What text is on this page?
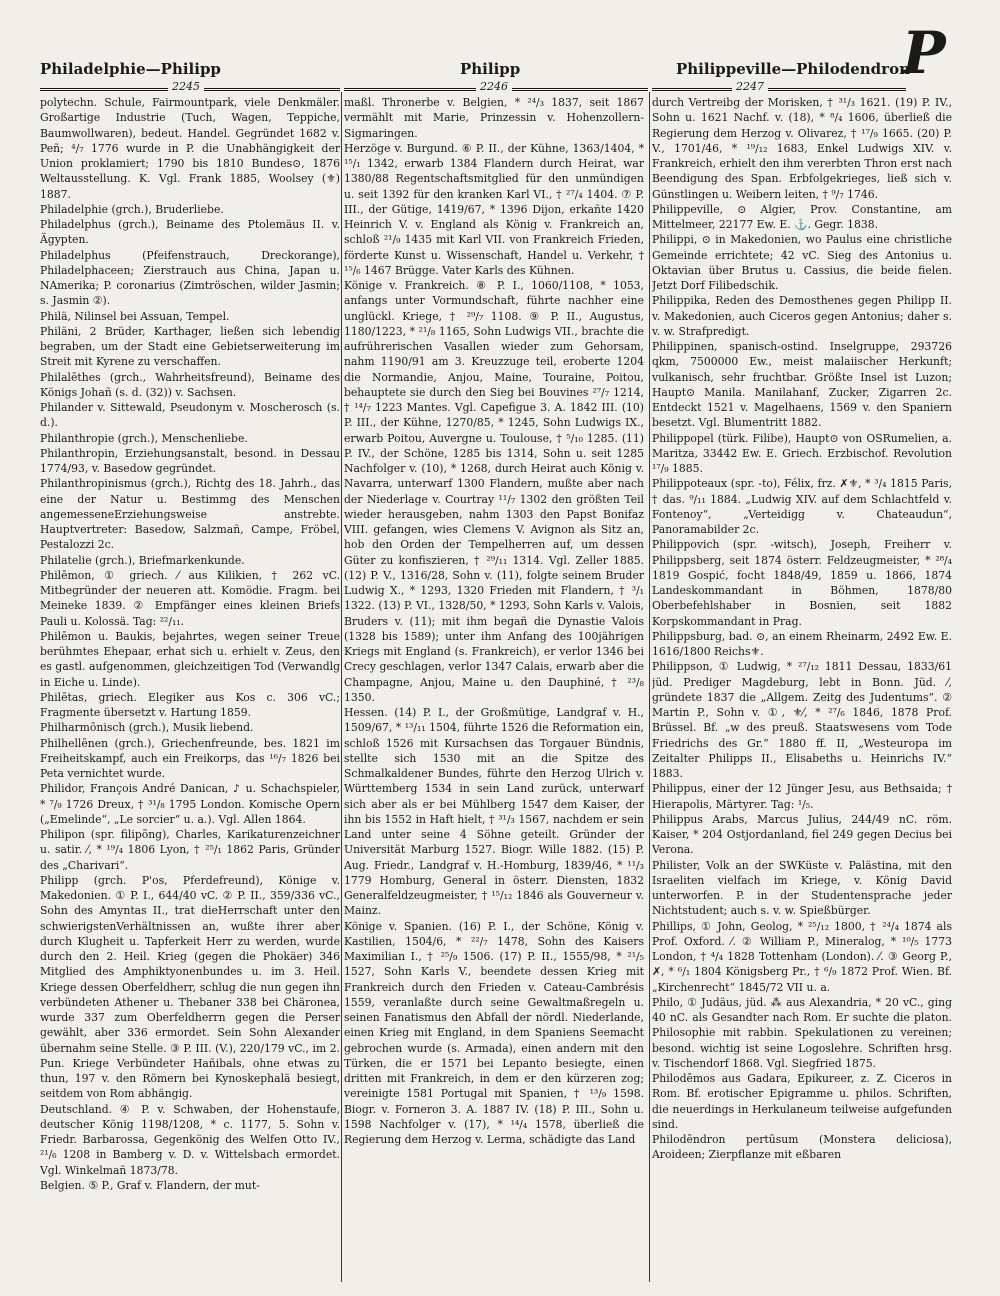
Philadelphie—Philipp	Philipp	Philippeville—Philodendron
P
2245	2246	2247

polytechn. Schule, Fairmountpark, viele Denkmäler. Großartige Industrie (Tuch, Wagen, Teppiche, Baumwollwaren), bedeut. Handel. Gegründet 1682 v. Peñ; ⁴/₇ 1776 wurde in P. die Unabhängigkeit der Union proklamiert; 1790 bis 1810 Bundes⊙, 1876 Weltausstellung. K. Vgl. Frank 1885, Woolsey (⚜) 1887.

Philadelphie (grch.), Bruderliebe.

Philadelphus (grch.), Beiname des Ptolemäus II. v. Ägypten.

Philadelphus (Pfeifenstrauch, Dreckorange), Philadelphaceen; Zierstrauch aus China, Japan u. NAmerika; P. coronarius (Zimtröschen, wilder Jasmin; s. Jasmin ②).

Philä, Nilinsel bei Assuan, Tempel.

Philäni, 2 Brüder, Karthager, ließen sich lebendig begraben, um der Stadt eine Gebietserweiterung im Streit mit Kyrene zu verschaffen.

Philalēthes (grch., Wahrheitsfreund), Beiname des Königs Johañ (s. d. (32)) v. Sachsen.

Philander v. Sittewald, Pseudonym v. Moscherosch (s. d.).

Philanthropie (grch.), Menschenliebe.

Philanthropin, Erziehungsanstalt, besond. in Dessau 1774/93, v. Basedow gegründet.

Philanthropinismus (grch.), Richtg des 18. Jahrh., das eine der Natur u. Bestimmg des Menschen angemesseneErziehungsweise anstrebte. Hauptvertreter: Basedow, Salzmañ, Campe, Fröbel, Pestalozzi 2c.

Philatelie (grch.), Briefmarkenkunde.

Philēmon, ① griech. ⁄ aus Kilikien, † 262 vC. Mitbegründer der neueren att. Komödie. Fragm. bei Meineke 1839. ② Empfänger eines kleinen Briefs Pauli u. Kolossä. Tag: ²²/₁₁.

Philēmon u. Baukis, bejahrtes, wegen seiner Treue berühmtes Ehepaar, erhat sich u. erhielt v. Zeus, den es gastl. aufgenommen, gleichzeitigen Tod (Verwandlg in Eiche u. Linde).

Philētas, griech. Elegiker aus Kos c. 306 vC.; Fragmente übersetzt v. Hartung 1859.

Philharmōnisch (grch.), Musik liebend.

Philhellēnen (grch.), Griechenfreunde, bes. 1821 im Freiheitskampf, auch ein Freikorps, das ¹⁶/₇ 1826 bei Peta vernichtet wurde.

Philidor, François André Danican, ♪ u. Schachspieler, * ⁷/₉ 1726 Dreux, † ³¹/₈ 1795 London. Komische Opern („Emelinde“, „Le sorcier“ u. a.). Vgl. Allen 1864.

Philipon (spr. filipõng), Charles, Karikaturenzeichner u. satir. ⁄, * ¹⁹/₄ 1806 Lyon, † ²⁵/₁ 1862 Paris, Gründer des „Charivari“.

Philipp (grch. P'os, Pferdefreund), Könige v. Makedonien. ① P. I., 644/40 vC. ② P. II., 359/336 vC., Sohn des Amyntas II., trat dieHerrschaft unter den schwierigstenVerhältnissen an, wußte ihrer aber durch Klugheit u. Tapferkeit Herr zu werden, wurde durch den 2. Heil. Krieg (gegen die Phokäer) 346 Mitglied des Amphiktyonenbundes u. im 3. Heil. Kriege dessen Oberfeldherr, schlug die nun gegen ihn verbündeten Athener u. Thebaner 338 bei Chäronea, wurde 337 zum Oberfeldherrn gegen die Perser gewählt, aber 336 ermordet. Sein Sohn Alexander übernahm seine Stelle. ③ P. III. (V.), 220/179 vC., im 2. Pun. Kriege Verbündeter Hañibals, ohne etwas zu thun, 197 v. den Römern bei Kynoskephalä besiegt, seitdem von Rom abhängig.

Deutschland. ④ P. v. Schwaben, der Hohenstaufe, deutscher König 1198/1208, * c. 1177, 5. Sohn v. Friedr. Barbarossa, Gegenkönig des Welfen Otto IV., ²¹/₆ 1208 in Bamberg v. D. v. Wittelsbach ermordet. Vgl. Winkelmañ 1873/78.

Belgien. ⑤ P., Graf v. Flandern, der mut-

maßl. Thronerbe v. Belgien, * ²⁴/₃ 1837, seit 1867 vermählt mit Marie, Prinzessin v. Hohenzollern-Sigmaringen.

Herzöge v. Burgund. ⑥ P. II., der Kühne, 1363/1404, * ¹⁵/₁ 1342, erwarb 1384 Flandern durch Heirat, war 1380/88 Regentschaftsmitglied für den unmündigen u. seit 1392 für den kranken Karl VI., † ²⁷/₄ 1404. ⑦ P. III., der Gütige, 1419/67, * 1396 Dijon, erkañte 1420 Heinrich V. v. England als König v. Frankreich an, schloß ²¹/₉ 1435 mit Karl VII. von Frankreich Frieden, förderte Kunst u. Wissenschaft, Handel u. Verkehr, † ¹⁵/₆ 1467 Brügge. Vater Karls des Kühnen.

Könige v. Frankreich. ⑧ P. I., 1060/1108, * 1053, anfangs unter Vormundschaft, führte nachher eine unglückl. Kriege, † ²⁹/₇ 1108. ⑨ P. II., Augustus, 1180/1223, * ²¹/₈ 1165, Sohn Ludwigs VII., brachte die aufrührerischen Vasallen wieder zum Gehorsam, nahm 1190/91 am 3. Kreuzzuge teil, eroberte 1204 die Normandie, Anjou, Maine, Touraine, Poitou, behauptete sie durch den Sieg bei Bouvines ²⁷/₇ 1214, † ¹⁴/₇ 1223 Mantes. Vgl. Capefigue 3. A. 1842 III. (10) P. III., der Kühne, 1270/85, * 1245, Sohn Ludwigs IX., erwarb Poitou, Auvergne u. Toulouse, † ⁵/₁₀ 1285. (11) P. IV., der Schöne, 1285 bis 1314, Sohn u. seit 1285 Nachfolger v. (10), * 1268, durch Heirat auch König v. Navarra, unterwarf 1300 Flandern, mußte aber nach der Niederlage v. Courtray ¹¹/₇ 1302 den größten Teil wieder herausgeben, nahm 1303 den Papst Bonifaz VIII. gefangen, wies Clemens V. Avignon als Sitz an, hob den Orden der Tempelherren auf, um dessen Güter zu konfiszieren, † ²⁹/₁₁ 1314. Vgl. Zeller 1885. (12) P. V., 1316/28, Sohn v. (11), folgte seinem Bruder Ludwig X., * 1293, 1320 Frieden mit Flandern, † ³/₁ 1322. (13) P. VI., 1328/50, * 1293, Sohn Karls v. Valois, Bruders v. (11); mit ihm begañ die Dynastie Valois (1328 bis 1589); unter ihm Anfang des 100jährigen Kriegs mit England (s. Frankreich), er verlor 1346 bei Crecy geschlagen, verlor 1347 Calais, erwarb aber die Champagne, Anjou, Maine u. den Dauphiné, † ²³/₈ 1350.

Hessen. (14) P. I., der Großmütige, Landgraf v. H., 1509/67, * ¹³/₁₁ 1504, führte 1526 die Reformation ein, schloß 1526 mit Kursachsen das Torgauer Bündnis, stellte sich 1530 mit an die Spitze des Schmalkaldener Bundes, führte den Herzog Ulrich v. Württemberg 1534 in sein Land zurück, unterwarf sich aber als er bei Mühlberg 1547 dem Kaiser, der ihn bis 1552 in Haft hielt, † ³¹/₃ 1567, nachdem er sein Land unter seine 4 Söhne geteilt. Gründer der Universität Marburg 1527. Biogr. Wille 1882. (15) P. Aug. Friedr., Landgraf v. H.-Homburg, 1839/46, * ¹¹/₃ 1779 Homburg, General in österr. Diensten, 1832 Generalfeldzeugmeister, † ¹⁵/₁₂ 1846 als Gouverneur v. Mainz.

Könige v. Spanien. (16) P. I., der Schöne, König v. Kastilien, 1504/6, * ²²/₇ 1478, Sohn des Kaisers Maximilian I., † ²⁵/₉ 1506. (17) P. II., 1555/98, * ²¹/₅ 1527, Sohn Karls V., beendete dessen Krieg mit Frankreich durch den Frieden v. Cateau-Cambrésis 1559, veranlaßte durch seine Gewaltmaßregeln u. seinen Fanatismus den Abfall der nördl. Niederlande, einen Krieg mit England, in dem Spaniens Seemacht gebrochen wurde (s. Armada), einen andern mit den Türken, die er 1571 bei Lepanto besiegte, einen dritten mit Frankreich, in dem er den kürzeren zog; vereinigte 1581 Portugal mit Spanien, † ¹³/₉ 1598. Biogr. v. Forneron 3. A. 1887 IV. (18) P. III., Sohn u. 1598 Nachfolger v. (17), * ¹⁴/₄ 1578, überließ die Regierung dem Herzog v. Lerma, schädigte das Land

durch Vertreibg der Morisken, † ³¹/₃ 1621. (19) P. IV., Sohn u. 1621 Nachf. v. (18), * ⁸/₄ 1606, überließ die Regierung dem Herzog v. Olivarez, † ¹⁷/₉ 1665. (20) P. V., 1701/46, * ¹⁹/₁₂ 1683, Enkel Ludwigs XIV. v. Frankreich, erhielt den ihm vererbten Thron erst nach Beendigung des Span. Erbfolgekrieges, ließ sich v. Günstlingen u. Weibern leiten, † ⁹/₇ 1746.

Philippeville, ⊙ Algier, Prov. Constantine, am Mittelmeer, 22177 Ew. E. ⚓. Gegr. 1838.

Philippi, ⊙ in Makedonien, wo Paulus eine christliche Gemeinde errichtete; 42 vC. Sieg des Antonius u. Oktavian über Brutus u. Cassius, die beide fielen. Jetzt Dorf Filibedschik.

Philippika, Reden des Demosthenes gegen Philipp II. v. Makedonien, auch Ciceros gegen Antonius; daher s. v. w. Strafpredigt.

Philippinen, spanisch-ostind. Inselgruppe, 293726 qkm, 7500000 Ew., meist malaiischer Herkunft; vulkanisch, sehr fruchtbar. Größte Insel ist Luzon; Haupt⊙ Manila. Manilahanf, Zucker, Zigarren 2c. Entdeckt 1521 v. Magelhaens, 1569 v. den Spaniern besetzt. Vgl. Blumentritt 1882.

Philippopel (türk. Filibe), Haupt⊙ von OSRumelien, a. Maritza, 33442 Ew. E. Griech. Erzbischof. Revolution ¹⁷/₉ 1885.

Philippoteaux (spr. -to), Félix, frz. ✗⚜, * ³/₄ 1815 Paris, † das. ⁹/₁₁ 1884. „Ludwig XIV. auf dem Schlachtfeld v. Fontenoy“, „Verteidigg v. Chateaudun“, Panoramabilder 2c.

Philippovich (spr. -witsch), Joseph, Freiherr v. Philippsberg, seit 1874 österr. Feldzeugmeister, * ²⁸/₄ 1819 Gospić, focht 1848/49, 1859 u. 1866, 1874 Landeskommandant in Böhmen, 1878/80 Oberbefehlshaber in Bosnien, seit 1882 Korpskommandant in Prag.

Philippsburg, bad. ⊙, an einem Rheinarm, 2492 Ew. E. 1616/1800 Reichs⚜.

Philippson, ① Ludwig, * ²⁷/₁₂ 1811 Dessau, 1833/61 jüd. Prediger Magdeburg, lebt in Bonn. Jüd. ⁄, gründete 1837 die „Allgem. Zeitg des Judentums“. ② Martin P., Sohn v. ①, ⚜⁄, * ²⁷/₆ 1846, 1878 Prof. Brüssel. Bf. „w des preuß. Staatswesens vom Tode Friedrichs des Gr.“ 1880 ff. II, „Westeuropa im Zeitalter Philipps II., Elisabeths u. Heinrichs IV.“ 1883.

Philippus, einer der 12 Jünger Jesu, aus Bethsaida; † Hierapolis, Märtyrer. Tag: ¹/₅.

Philippus Arabs, Marcus Julius, 244/49 nC. röm. Kaiser, * 204 Ostjordanland, fiel 249 gegen Decius bei Verona.

Philister, Volk an der SWKüste v. Palästina, mit den Israeliten vielfach im Kriege, v. König David unterworfen. P. in der Studentensprache jeder Nichtstudent; auch s. v. w. Spießbürger.

Phillips, ① John, Geolog, * ²⁵/₁₂ 1800, † ²⁴/₄ 1874 als Prof. Oxford. ⁄. ② William P., Mineralog, * ¹⁰/₅ 1773 London, † ⁴/₄ 1828 Tottenham (London). ⁄. ③ Georg P., ✗, * ⁶/₁ 1804 Königsberg Pr., † ⁶/₉ 1872 Prof. Wien. Bf. „Kirchenrecht“ 1845/72 VII u. a.

Philo, ① Judäus, jüd. ⁂ aus Alexandria, * 20 vC., ging 40 nC. als Gesandter nach Rom. Er suchte die platon. Philosophie mit rabbin. Spekulationen zu vereinen; besond. wichtig ist seine Logoslehre. Schriften hrsg. v. Tischendorf 1868. Vgl. Siegfried 1875.

Philodēmos aus Gadara, Epikureer, z. Z. Ciceros in Rom. Bf. erotischer Epigramme u. philos. Schriften, die neuerdings in Herkulaneum teilweise aufgefunden sind.

Philodēndron pertūsum (Monstera deliciosa), Aroideen; Zierpflanze mit eßbaren
